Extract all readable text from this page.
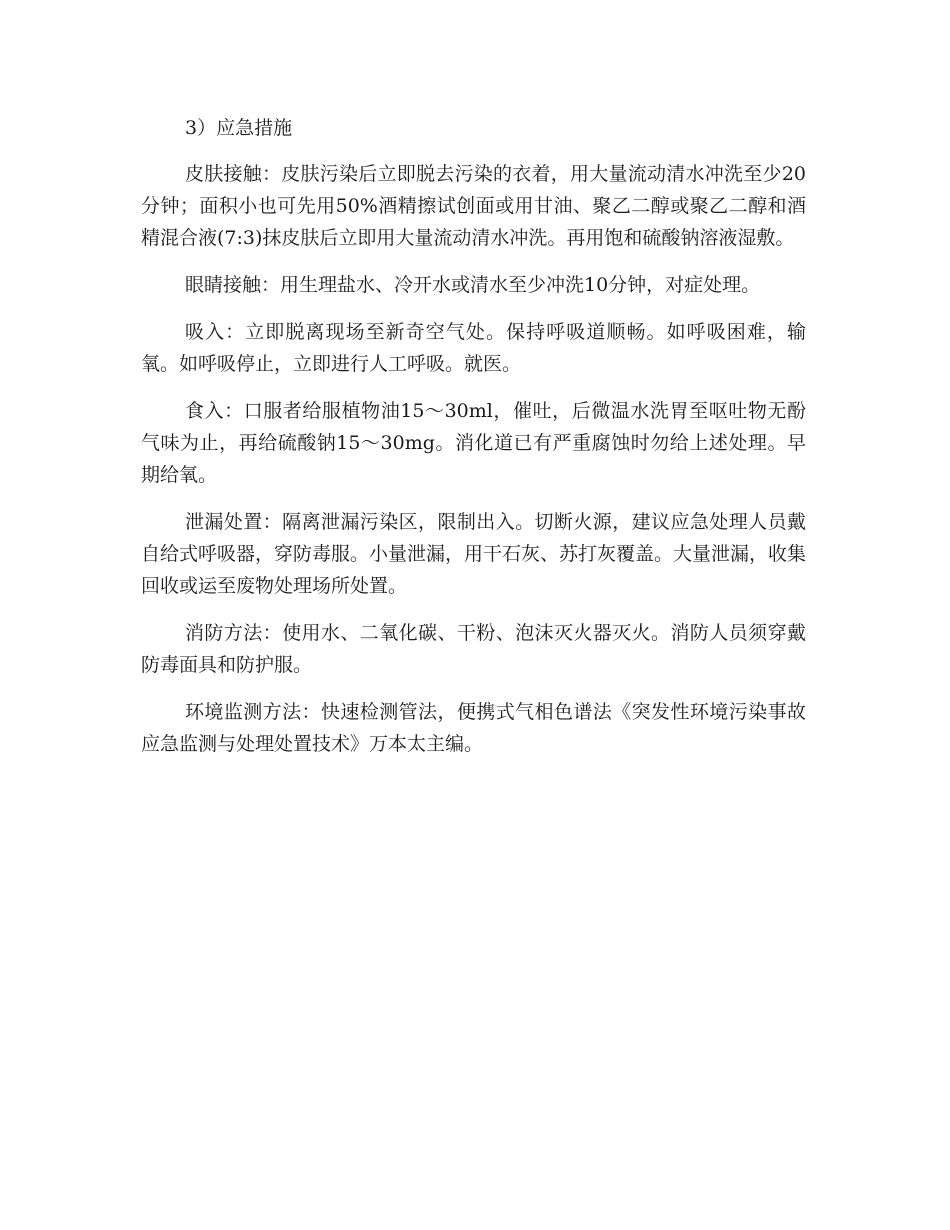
3）应急措施

皮肤接触：皮肤污染后立即脱去污染的衣着，用大量流动清水冲洗至少20分钟；面积小也可先用50%酒精擦试创面或用甘油、聚乙二醇或聚乙二醇和酒精混合液(7:3)抹皮肤后立即用大量流动清水冲洗。再用饱和硫酸钠溶液湿敷。

眼睛接触：用生理盐水、冷开水或清水至少冲洗10分钟，对症处理。

吸入：立即脱离现场至新奇空气处。保持呼吸道顺畅。如呼吸困难，输氧。如呼吸停止，立即进行人工呼吸。就医。

食入：口服者给服植物油15～30ml，催吐，后微温水洗胃至呕吐物无酚气味为止，再给硫酸钠15～30mg。消化道已有严重腐蚀时勿给上述处理。早期给氧。

泄漏处置：隔离泄漏污染区，限制出入。切断火源，建议应急处理人员戴自给式呼吸器，穿防毒服。小量泄漏，用干石灰、苏打灰覆盖。大量泄漏，收集回收或运至废物处理场所处置。

消防方法：使用水、二氧化碳、干粉、泡沫灭火器灭火。消防人员须穿戴防毒面具和防护服。

环境监测方法：快速检测管法，便携式气相色谱法《突发性环境污染事故应急监测与处理处置技术》万本太主编。
